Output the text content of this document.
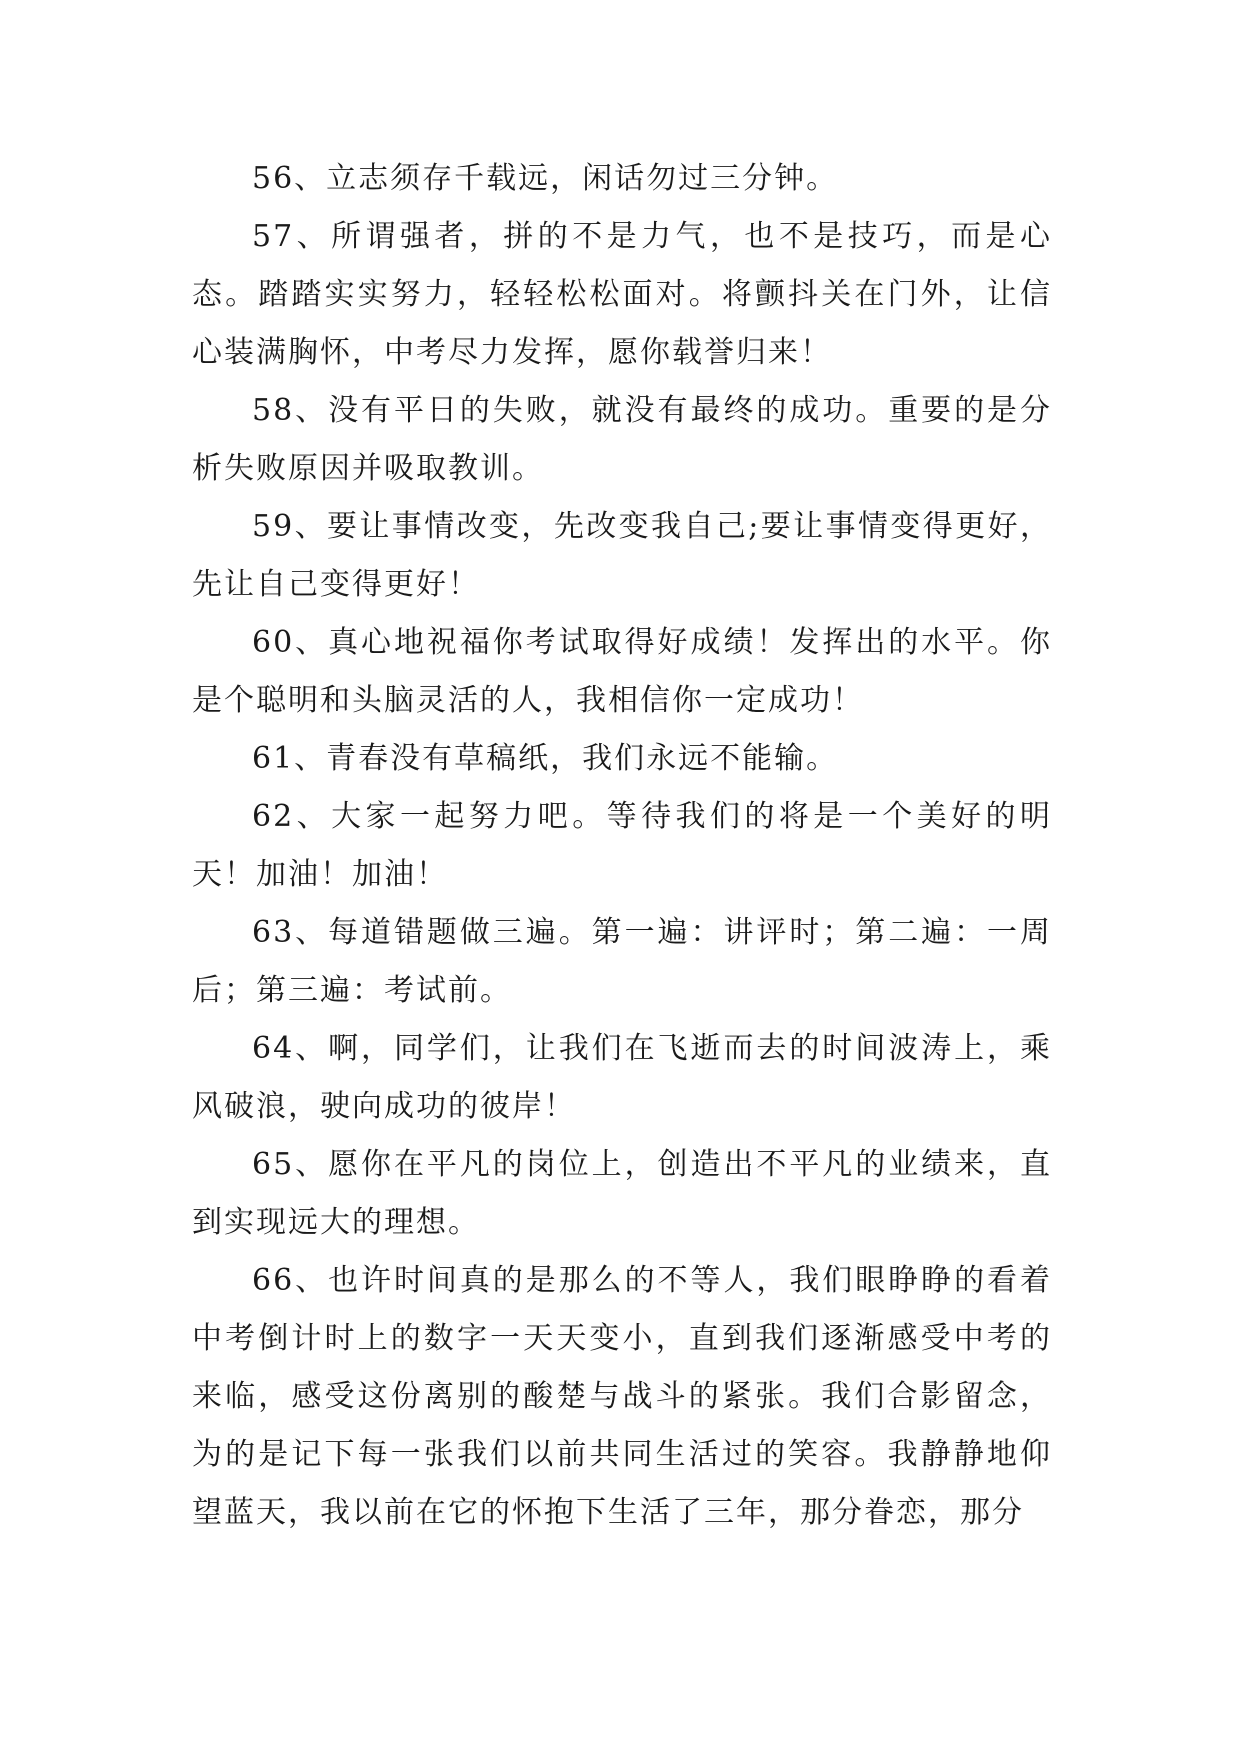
56、立志须存千载远，闲话勿过三分钟。

57、所谓强者，拼的不是力气，也不是技巧，而是心态。踏踏实实努力，轻轻松松面对。将颤抖关在门外，让信心装满胸怀，中考尽力发挥，愿你载誉归来！

58、没有平日的失败，就没有最终的成功。重要的是分析失败原因并吸取教训。

59、要让事情改变，先改变我自己;要让事情变得更好，先让自己变得更好！

60、真心地祝福你考试取得好成绩！发挥出的水平。你是个聪明和头脑灵活的人，我相信你一定成功！

61、青春没有草稿纸，我们永远不能输。

62、大家一起努力吧。等待我们的将是一个美好的明天！加油！加油！

63、每道错题做三遍。第一遍：讲评时；第二遍：一周后；第三遍：考试前。

64、啊，同学们，让我们在飞逝而去的时间波涛上，乘风破浪，驶向成功的彼岸！

65、愿你在平凡的岗位上，创造出不平凡的业绩来，直到实现远大的理想。

66、也许时间真的是那么的不等人，我们眼睁睁的看着中考倒计时上的数字一天天变小，直到我们逐渐感受中考的来临，感受这份离别的酸楚与战斗的紧张。我们合影留念，为的是记下每一张我们以前共同生活过的笑容。我静静地仰望蓝天，我以前在它的怀抱下生活了三年，那分眷恋，那分
